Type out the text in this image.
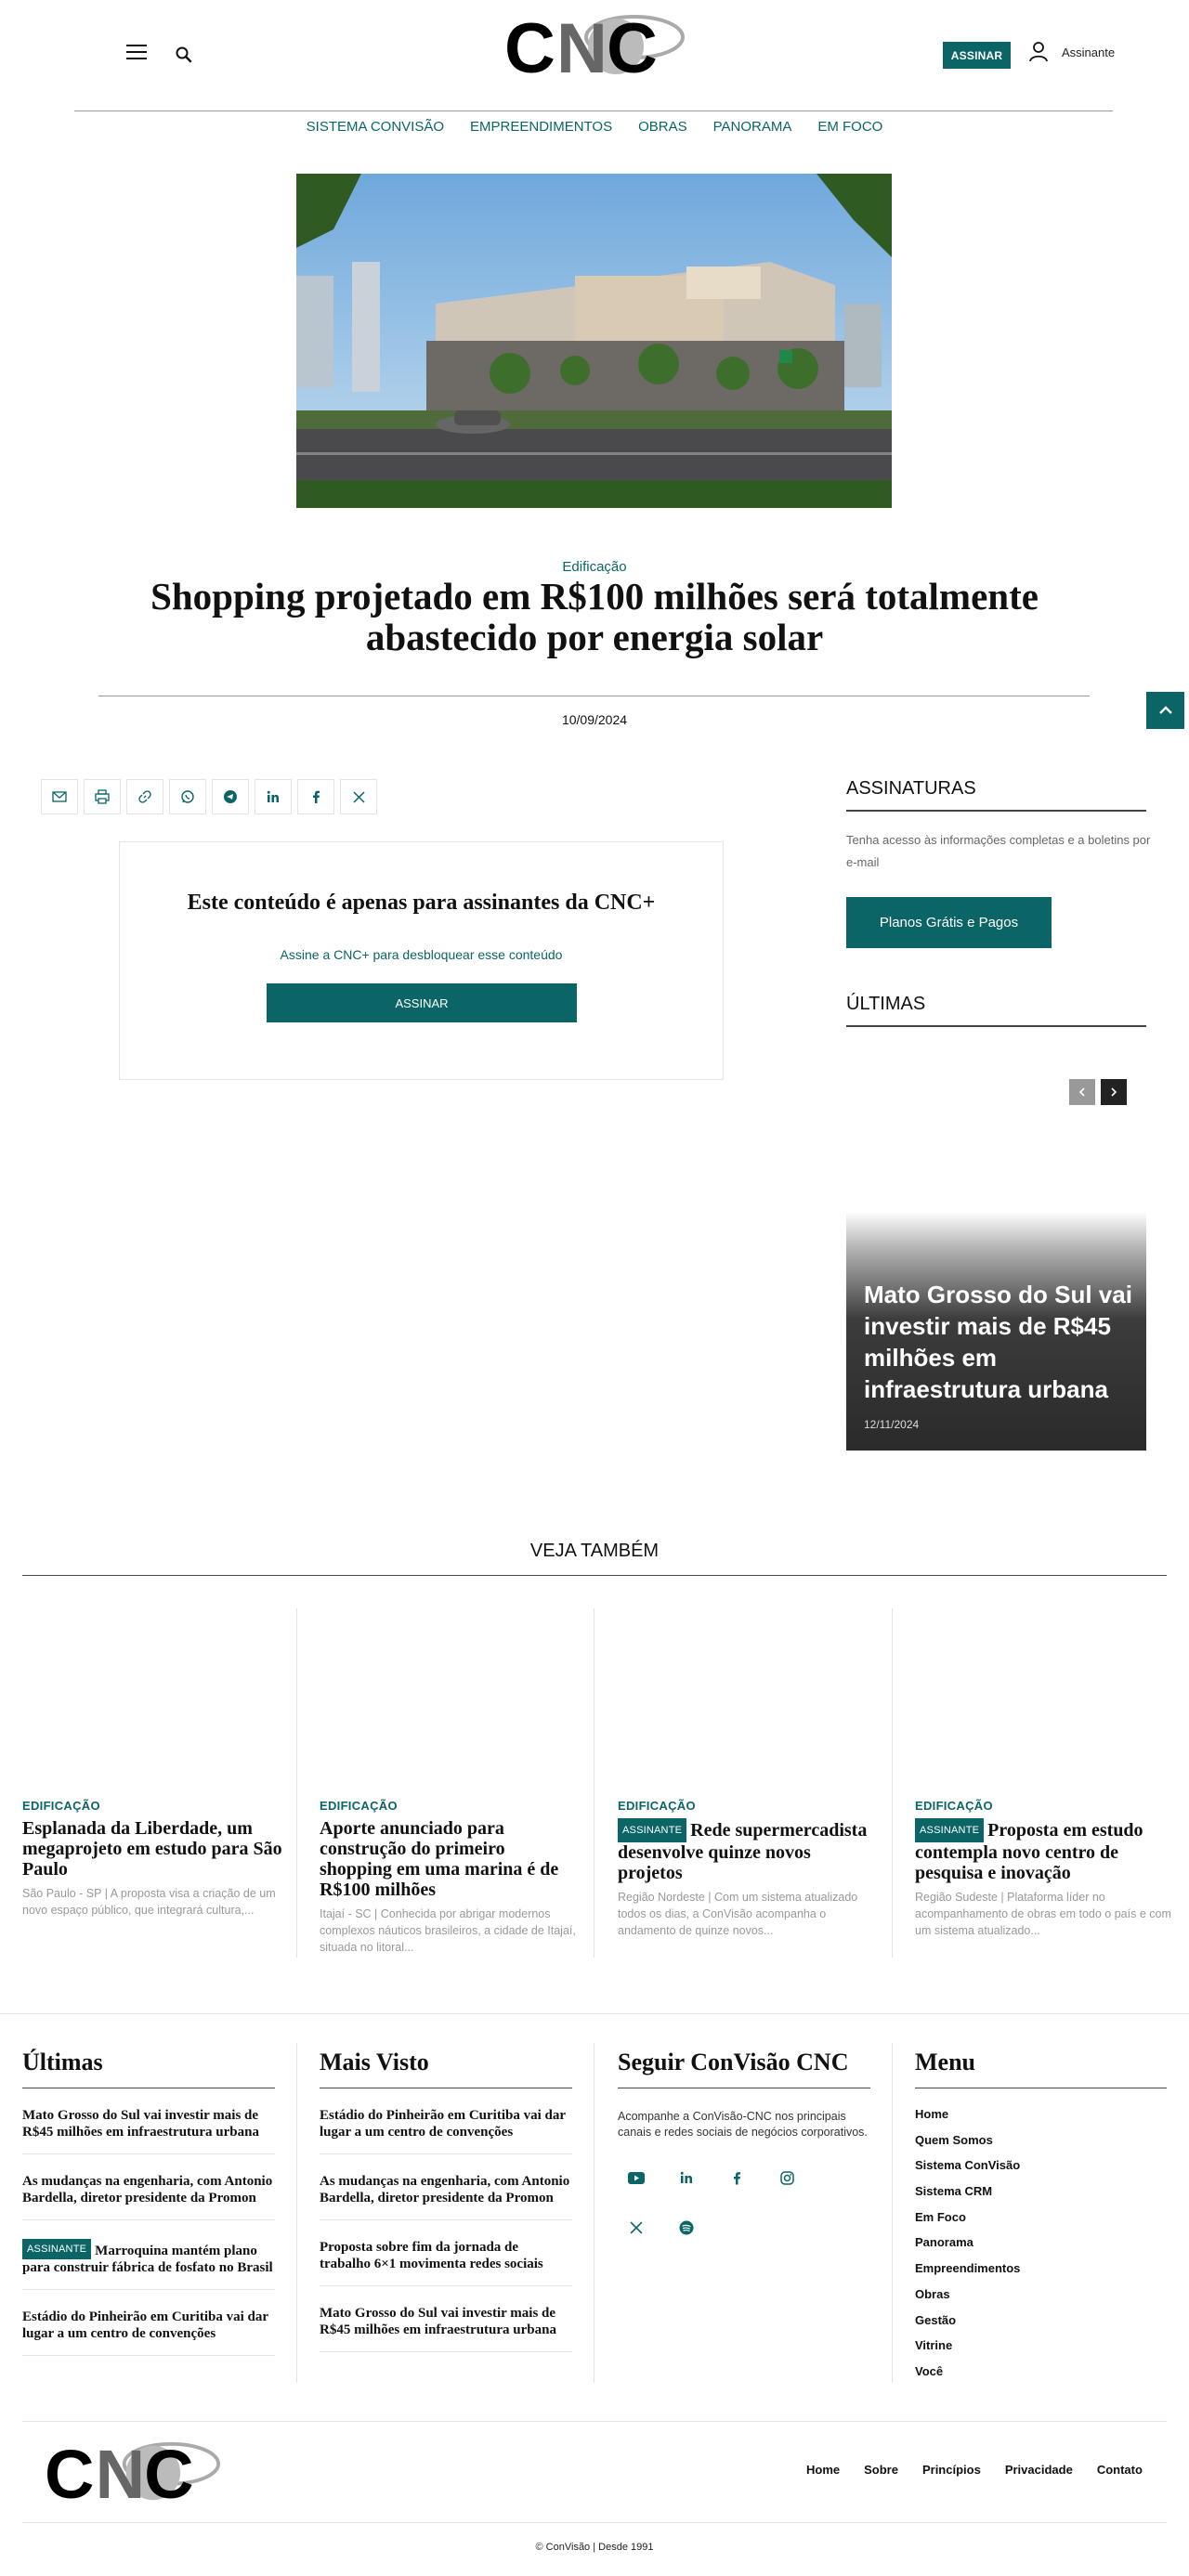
C N C	ASSINAR	Assinante
SISTEMA CONVISÃO EMPREENDIMENTOS OBRAS PANORAMA EM FOCO
Edificação
Shopping projetado em R$100 milhões será totalmente abastecido por energia solar
10/09/2024
Este conteúdo é apenas para assinantes da CNC+
Assine a CNC+ para desbloquear esse conteúdo
ASSINAR
ASSINATURAS
Tenha acesso às informações completas e a boletins por e-mail
Planos Grátis e Pagos
ÚLTIMAS
Mato Grosso do Sul vai investir mais de R$45 milhões em infraestrutura urbana
12/11/2024
VEJA TAMBÉM
EDIFICAÇÃO
Esplanada da Liberdade, um megaprojeto em estudo para São Paulo
São Paulo - SP | A proposta visa a criação de um novo espaço público, que integrará cultura,...
EDIFICAÇÃO
Aporte anunciado para construção do primeiro shopping em uma marina é de R$100 milhões
Itajaí - SC | Conhecida por abrigar modernos complexos náuticos brasileiros, a cidade de Itajaí, situada no litoral...
EDIFICAÇÃO
ASSINANTE Rede supermercadista desenvolve quinze novos projetos
Região Nordeste | Com um sistema atualizado todos os dias, a ConVisão acompanha o andamento de quinze novos...
EDIFICAÇÃO
ASSINANTE Proposta em estudo contempla novo centro de pesquisa e inovação
Região Sudeste | Plataforma líder no acompanhamento de obras em todo o país e com um sistema atualizado...
Últimas
Mato Grosso do Sul vai investir mais de R$45 milhões em infraestrutura urbana
As mudanças na engenharia, com Antonio Bardella, diretor presidente da Promon
ASSINANTE Marroquina mantém plano para construir fábrica de fosfato no Brasil
Estádio do Pinheirão em Curitiba vai dar lugar a um centro de convenções
Mais Visto
Estádio do Pinheirão em Curitiba vai dar lugar a um centro de convenções
As mudanças na engenharia, com Antonio Bardella, diretor presidente da Promon
Proposta sobre fim da jornada de trabalho 6×1 movimenta redes sociais
Mato Grosso do Sul vai investir mais de R$45 milhões em infraestrutura urbana
Seguir ConVisão CNC
Acompanhe a ConVisão-CNC nos principais canais e redes sociais de negócios corporativos.
Menu
Home
Quem Somos
Sistema ConVisão
Sistema CRM
Em Foco
Panorama
Empreendimentos
Obras
Gestão
Vitrine
Você
C N C	Home Sobre Princípios Privacidade Contato
© ConVisão | Desde 1991
